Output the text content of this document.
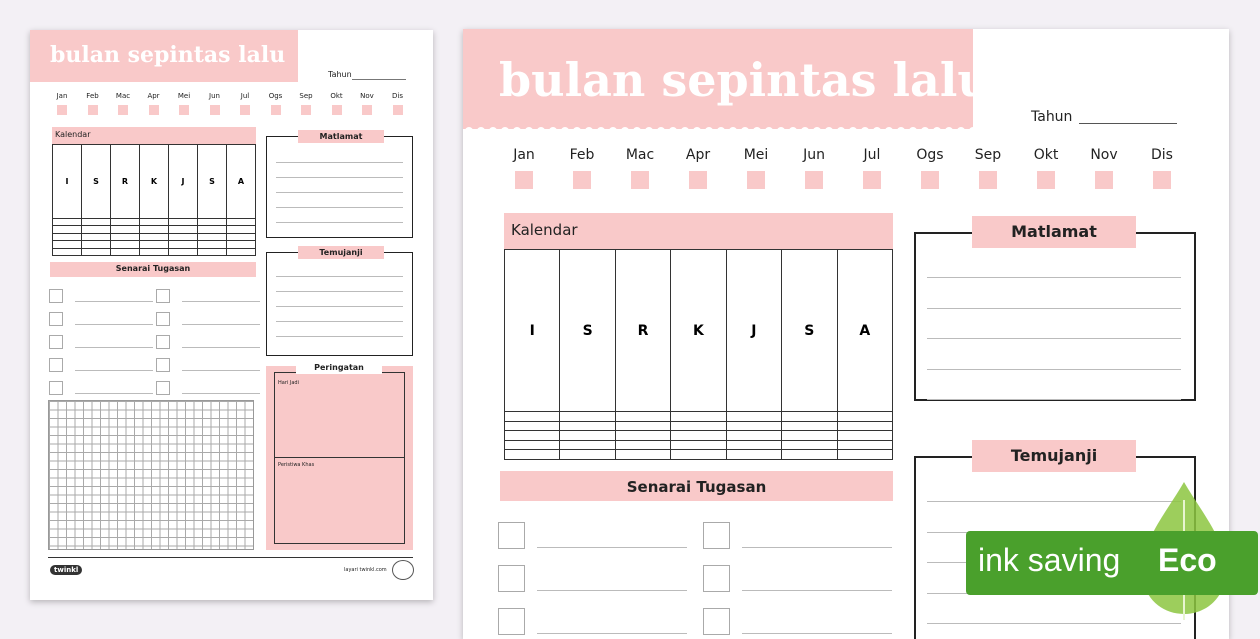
bulan sepintas lalu
Tahun
Jan	Feb	Mac	Apr	Mei	Jun	Jul	Ogs	Sep	Okt	Nov	Dis
Kalendar
I	S	R	K	J	S	A

Senarai Tugasan
Matlamat
Temujanji
Peringatan
Hari Jadi
Peristiwa Khas
twinkl	layari twinkl.com
bulan sepintas lalu
Tahun
Jan	Feb	Mac	Apr	Mei	Jun	Jul	Ogs	Sep	Okt	Nov	Dis
Kalendar
I	S	R	K	J	S	A

Senarai Tugasan
Matlamat
Temujanji
ink saving Eco
